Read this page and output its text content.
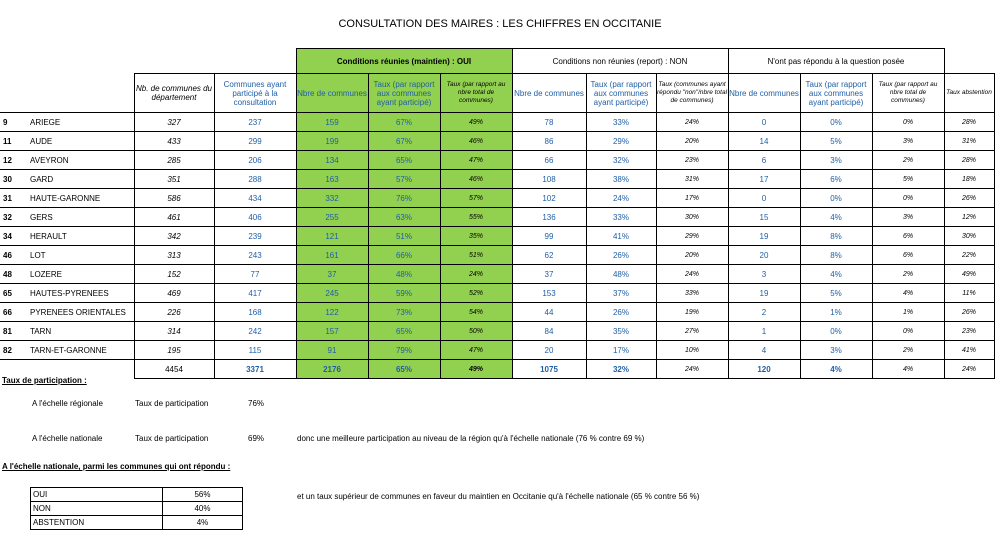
CONSULTATION DES MAIRES : LES CHIFFRES EN OCCITANIE
				Conditions réunies (maintien) : OUI			Conditions non réunies (report) : NON			N'ont pas répondu à la question posée			
		Nb. de communes du département	Communes ayant participé à la consultation	Nbre de communes	Taux (par rapport aux communes ayant participé)	Taux (par rapport au nbre total de communes)	Nbre de communes	Taux (par rapport aux communes ayant participé)	Taux (communes ayant répondu "non"/nbre total de communes)	Nbre de communes	Taux (par rapport aux communes ayant participé)	Taux (par rapport au nbre total de communes)	Taux abstention
9	ARIEGE	327	237	159	67%	49%	78	33%	24%	0	0%	0%	28%
11	AUDE	433	299	199	67%	46%	86	29%	20%	14	5%	3%	31%
12	AVEYRON	285	206	134	65%	47%	66	32%	23%	6	3%	2%	28%
30	GARD	351	288	163	57%	46%	108	38%	31%	17	6%	5%	18%
31	HAUTE-GARONNE	586	434	332	76%	57%	102	24%	17%	0	0%	0%	26%
32	GERS	461	406	255	63%	55%	136	33%	30%	15	4%	3%	12%
34	HERAULT	342	239	121	51%	35%	99	41%	29%	19	8%	6%	30%
46	LOT	313	243	161	66%	51%	62	26%	20%	20	8%	6%	22%
48	LOZERE	152	77	37	48%	24%	37	48%	24%	3	4%	2%	49%
65	HAUTES-PYRENEES	469	417	245	59%	52%	153	37%	33%	19	5%	4%	11%
66	PYRENEES ORIENTALES	226	168	122	73%	54%	44	26%	19%	2	1%	1%	26%
81	TARN	314	242	157	65%	50%	84	35%	27%	1	0%	0%	23%
82	TARN-ET-GARONNE	195	115	91	79%	47%	20	17%	10%	4	3%	2%	41%
		4454	3371	2176	65%	49%	1075	32%	24%	120	4%	4%	24%
Taux de participation :
A l'échelle régionale	Taux de participation	76%
A l'échelle nationale	Taux de participation	69%	donc une meilleure participation au niveau de la région qu'à l'échelle nationale (76 % contre 69 %)
A l'échelle nationale, parmi les communes qui ont répondu :
OUI	56%
NON	40%
ABSTENTION	4%
et un taux supérieur de communes en faveur du maintien en Occitanie qu'à l'échelle nationale (65 % contre 56 %)
